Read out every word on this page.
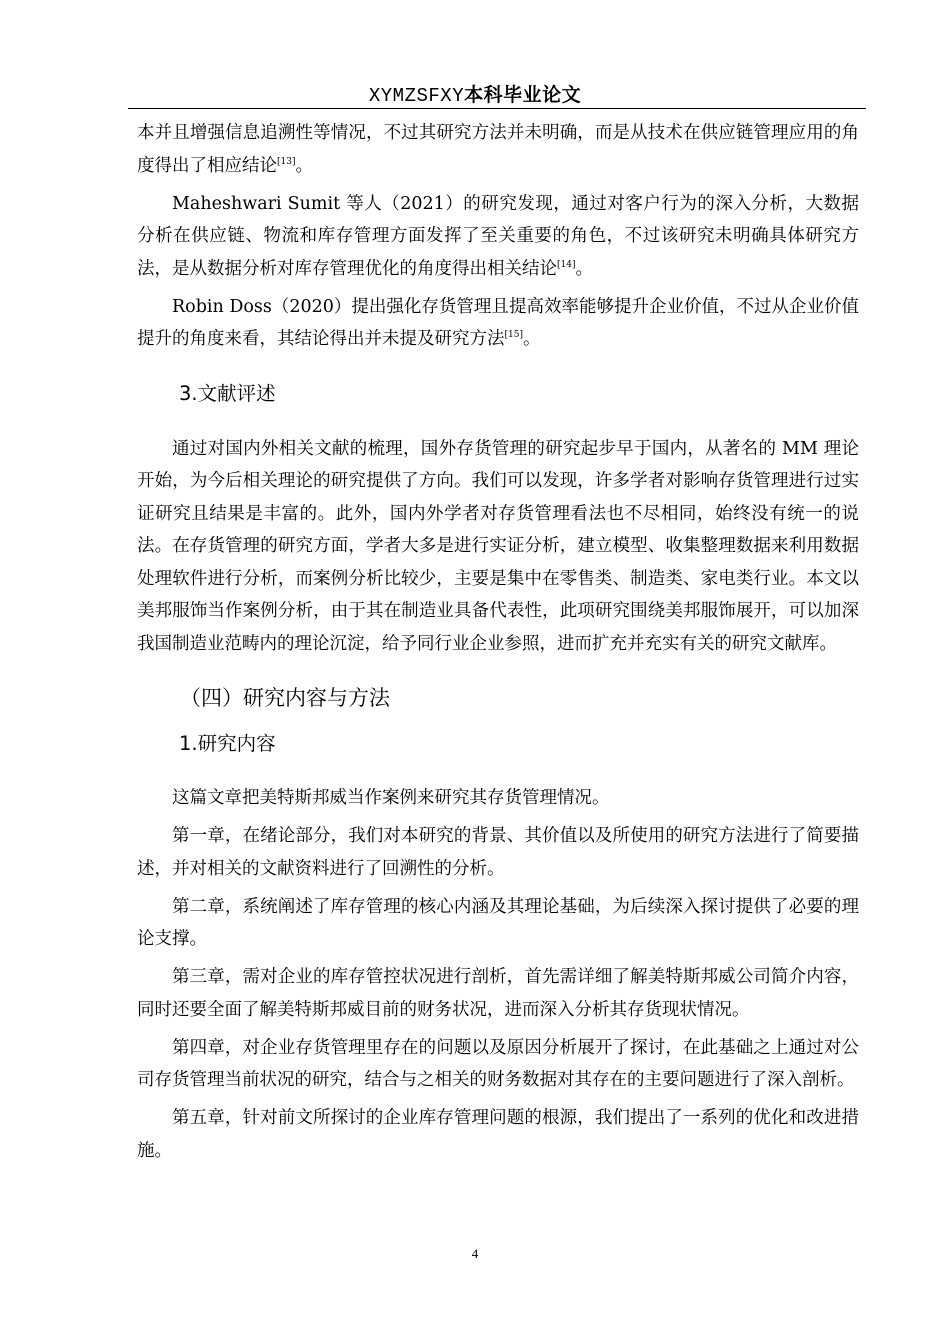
XYMZSFXY本科毕业论文

本并且增强信息追溯性等情况，不过其研究方法并未明确，而是从技术在供应链管理应用的角度得出了相应结论[13]。

Maheshwari Sumit 等人（2021）的研究发现，通过对客户行为的深入分析，大数据分析在供应链、物流和库存管理方面发挥了至关重要的角色，不过该研究未明确具体研究方法，是从数据分析对库存管理优化的角度得出相关结论[14]。

Robin Doss（2020）提出强化存货管理且提高效率能够提升企业价值，不过从企业价值提升的角度来看，其结论得出并未提及研究方法[15]。

3.文献评述

通过对国内外相关文献的梳理，国外存货管理的研究起步早于国内，从著名的 MM 理论开始，为今后相关理论的研究提供了方向。我们可以发现，许多学者对影响存货管理进行过实证研究且结果是丰富的。此外，国内外学者对存货管理看法也不尽相同，始终没有统一的说法。在存货管理的研究方面，学者大多是进行实证分析，建立模型、收集整理数据来利用数据处理软件进行分析，而案例分析比较少，主要是集中在零售类、制造类、家电类行业。本文以美邦服饰当作案例分析，由于其在制造业具备代表性，此项研究围绕美邦服饰展开，可以加深我国制造业范畴内的理论沉淀，给予同行业企业参照，进而扩充并充实有关的研究文献库。

（四）研究内容与方法
1.研究内容

这篇文章把美特斯邦威当作案例来研究其存货管理情况。

第一章，在绪论部分，我们对本研究的背景、其价值以及所使用的研究方法进行了简要描述，并对相关的文献资料进行了回溯性的分析。

第二章，系统阐述了库存管理的核心内涵及其理论基础，为后续深入探讨提供了必要的理论支撑。

第三章，需对企业的库存管控状况进行剖析，首先需详细了解美特斯邦威公司简介内容，同时还要全面了解美特斯邦威目前的财务状况，进而深入分析其存货现状情况。

第四章，对企业存货管理里存在的问题以及原因分析展开了探讨，在此基础之上通过对公司存货管理当前状况的研究，结合与之相关的财务数据对其存在的主要问题进行了深入剖析。

第五章，针对前文所探讨的企业库存管理问题的根源，我们提出了一系列的优化和改进措施。

4
